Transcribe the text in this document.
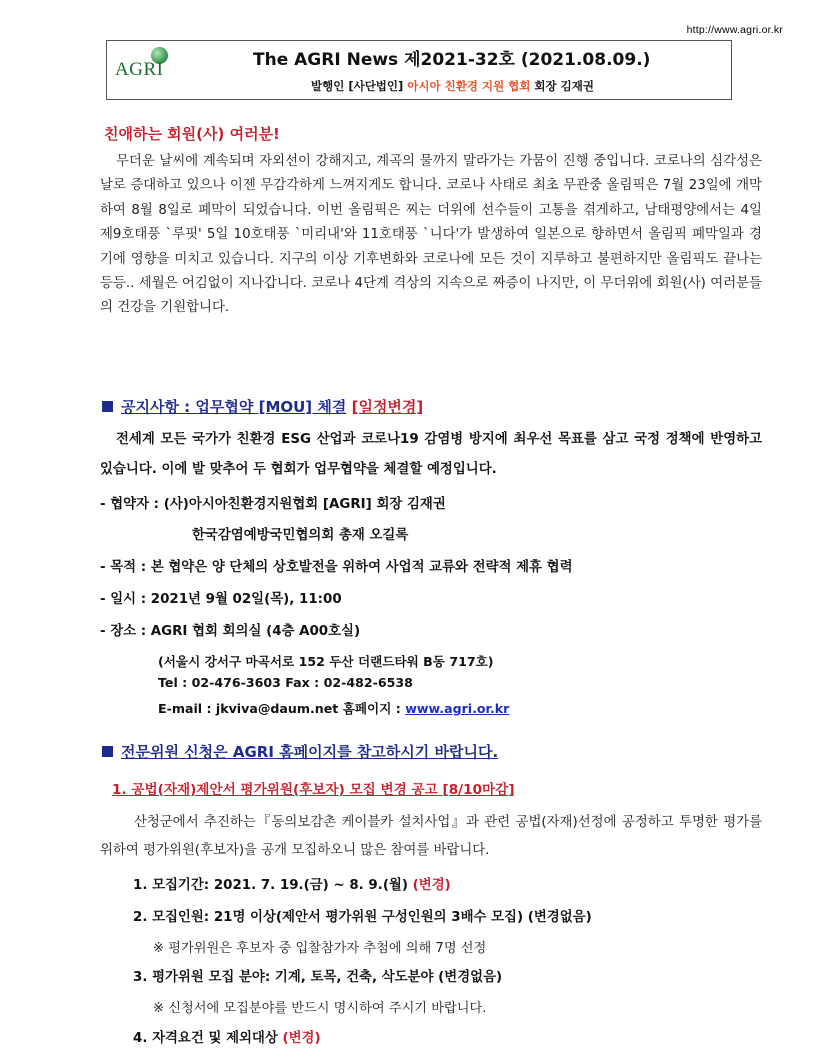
http://www.agri.or.kr
AGRI	The AGRI News 제2021-32호 (2021.08.09.)
발행인 [사단법인] 아시아 친환경 지원 협회 회장 김재권
친애하는 회원(사) 여러분!
무더운 날씨에 계속되며 자외선이 강해지고, 계곡의 물까지 말라가는 가뭄이 진행 중입니다. 코로나의 심각성은 날로 증대하고 있으나 이젠 무감각하게 느껴지게도 합니다. 코로나 사태로 최초 무관중 올림픽은 7월 23일에 개막하여 8월 8일로 폐막이 되었습니다. 이번 올림픽은 찌는 더위에 선수들이 고통을 겪게하고, 남태평양에서는 4일 제9호태풍 `루핏' 5일 10호태풍 `미리내'와 11호태풍 `니다'가 발생하여 일본으로 향하면서 올림픽 폐막일과 경기에 영향을 미치고 있습니다. 지구의 이상 기후변화와 코로나에 모든 것이 지루하고 불편하지만 올림픽도 끝나는 등등.. 세월은 어김없이 지나갑니다. 코로나 4단계 격상의 지속으로 짜증이 나지만, 이 무더위에 회원(사) 여러분들의 건강을 기원합니다.
공지사항 : 업무협약 [MOU] 체결 [일정변경]
전세계 모든 국가가 친환경 ESG 산업과 코로나19 감염병 방지에 최우선 목표를 삼고 국정 정책에 반영하고 있습니다. 이에 발 맞추어 두 협회가 업무협약을 체결할 예정입니다.
- 협약자 : (사)아시아친환경지원협회 [AGRI] 회장 김재권
한국감염예방국민협의회 총재 오길록
- 목적 : 본 협약은 양 단체의 상호발전을 위하여 사업적 교류와 전략적 제휴 협력
- 일시 : 2021년 9월 02일(목), 11:00
- 장소 : AGRI 협회 회의실 (4층 A00호실)
(서울시 강서구 마곡서로 152 두산 더랜드타워 B동 717호)
Tel : 02-476-3603 Fax : 02-482-6538
E-mail : jkviva@daum.net 홈페이지 : www.agri.or.kr
전문위원 신청은 AGRI 홈페이지를 참고하시기 바랍니다.
1. 공법(자재)제안서 평가위원(후보자) 모집 변경 공고 [8/10마감]
산청군에서 추진하는『동의보감촌 케이블카 설치사업』과 관련 공법(자재)선정에 공정하고 투명한 평가를 위하여 평가위원(후보자)을 공개 모집하오니 많은 참여를 바랍니다.
1. 모집기간: 2021. 7. 19.(금) ~ 8. 9.(월) (변경)
2. 모집인원: 21명 이상(제안서 평가위원 구성인원의 3배수 모집) (변경없음)
※ 평가위원은 후보자 중 입찰참가자 추첨에 의해 7명 선정
3. 평가위원 모집 분야: 기계, 토목, 건축, 삭도분야 (변경없음)
※ 신청서에 모집분야를 반드시 명시하여 주시기 바랍니다.
4. 자격요건 및 제외대상 (변경)
